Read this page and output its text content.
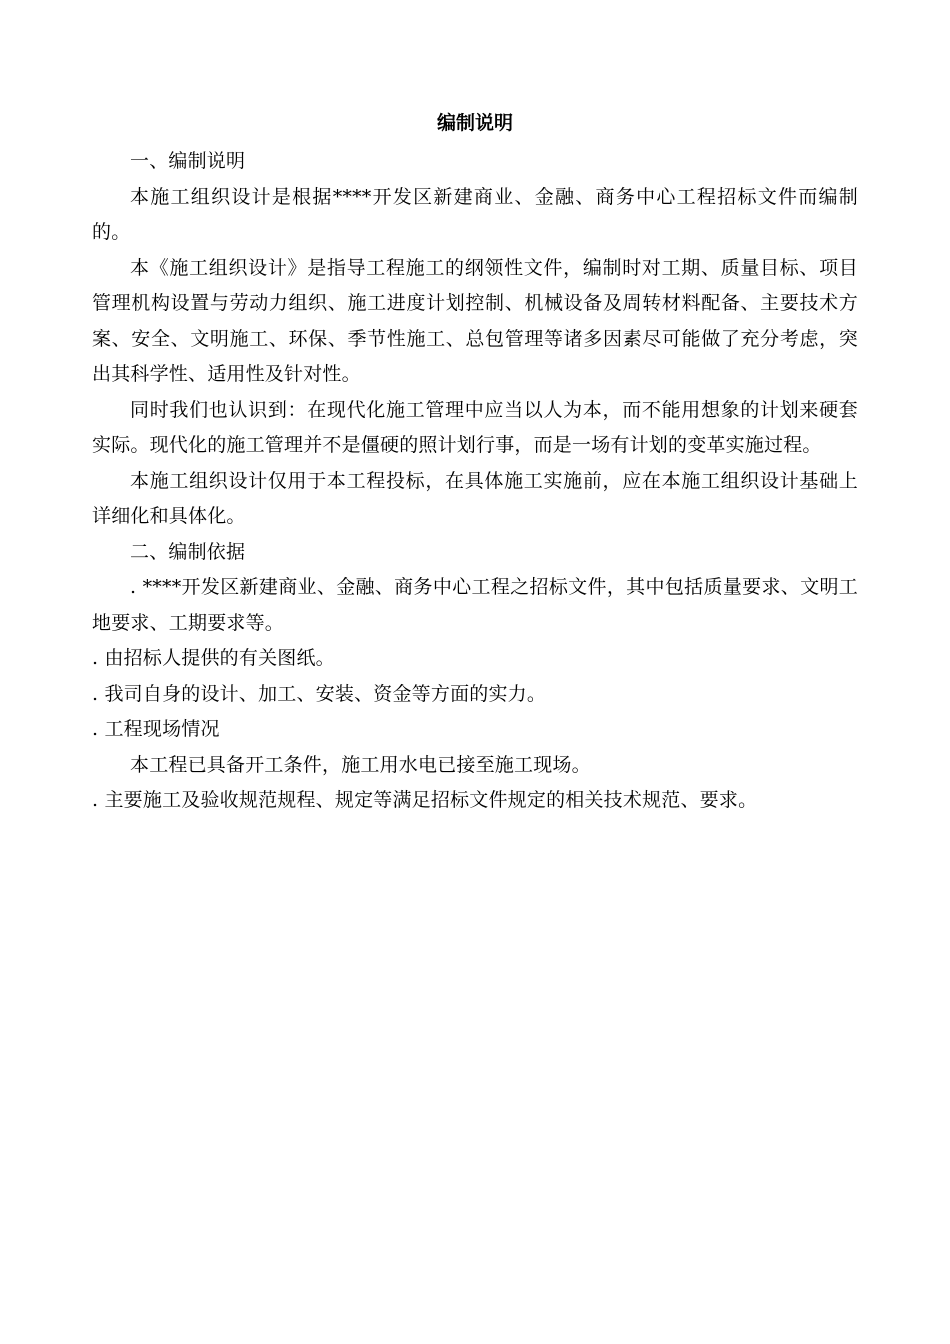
编制说明

一、编制说明

本施工组织设计是根据****开发区新建商业、金融、商务中心工程招标文件而编制的。

本《施工组织设计》是指导工程施工的纲领性文件，编制时对工期、质量目标、项目管理机构设置与劳动力组织、施工进度计划控制、机械设备及周转材料配备、主要技术方案、安全、文明施工、环保、季节性施工、总包管理等诸多因素尽可能做了充分考虑，突出其科学性、适用性及针对性。

同时我们也认识到：在现代化施工管理中应当以人为本，而不能用想象的计划来硬套实际。现代化的施工管理并不是僵硬的照计划行事，而是一场有计划的变革实施过程。

本施工组织设计仅用于本工程投标，在具体施工实施前，应在本施工组织设计基础上详细化和具体化。

二、编制依据

. ****开发区新建商业、金融、商务中心工程之招标文件，其中包括质量要求、文明工地要求、工期要求等。

. 由招标人提供的有关图纸。

. 我司自身的设计、加工、安装、资金等方面的实力。

. 工程现场情况

本工程已具备开工条件，施工用水电已接至施工现场。

. 主要施工及验收规范规程、规定等满足招标文件规定的相关技术规范、要求。
